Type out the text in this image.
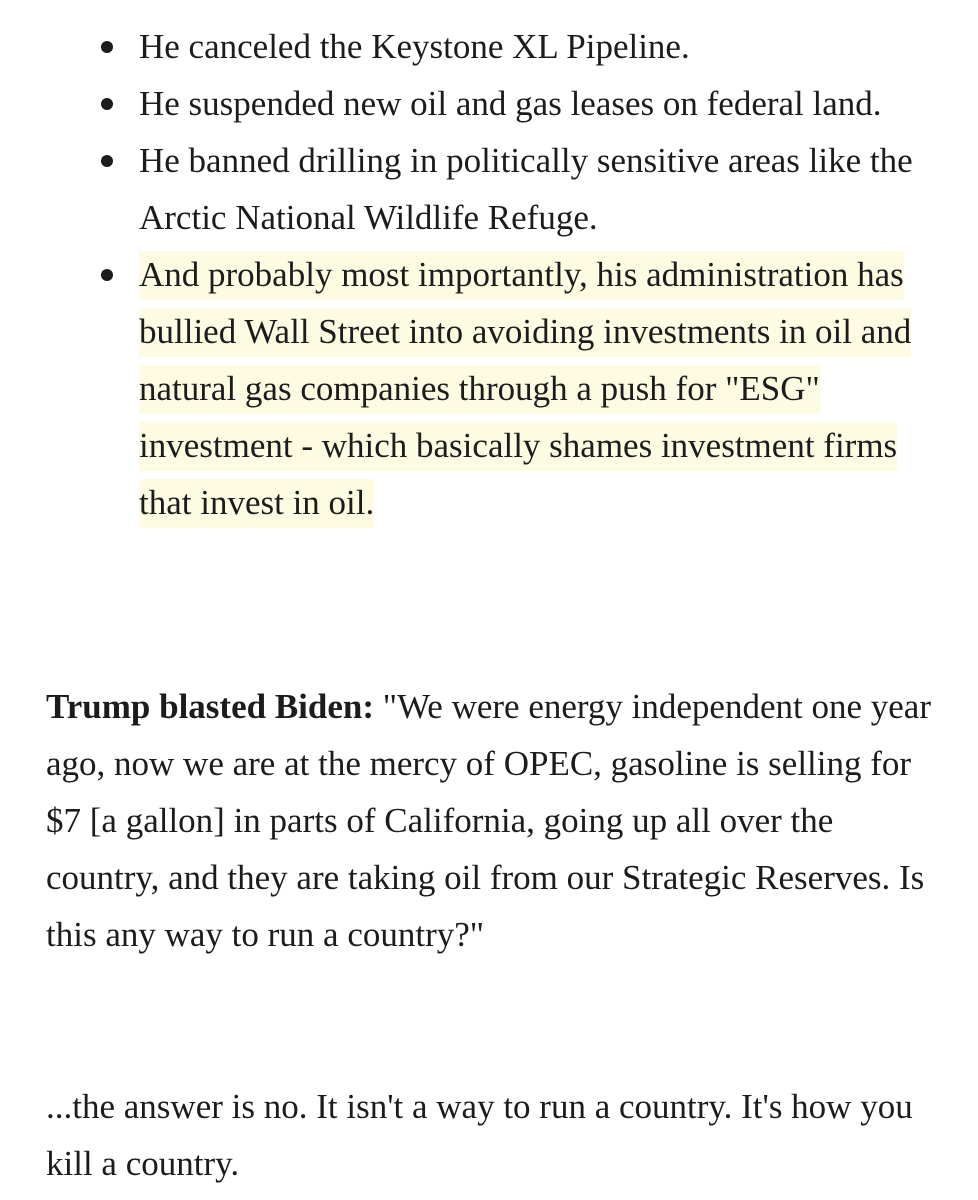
He canceled the Keystone XL Pipeline.
He suspended new oil and gas leases on federal land.
He banned drilling in politically sensitive areas like the Arctic National Wildlife Refuge.
And probably most importantly, his administration has bullied Wall Street into avoiding investments in oil and natural gas companies through a push for "ESG" investment - which basically shames investment firms that invest in oil.

Trump blasted Biden: "We were energy independent one year ago, now we are at the mercy of OPEC, gasoline is selling for $7 [a gallon] in parts of California, going up all over the country, and they are taking oil from our Strategic Reserves. Is this any way to run a country?"

...the answer is no. It isn't a way to run a country. It's how you kill a country.
